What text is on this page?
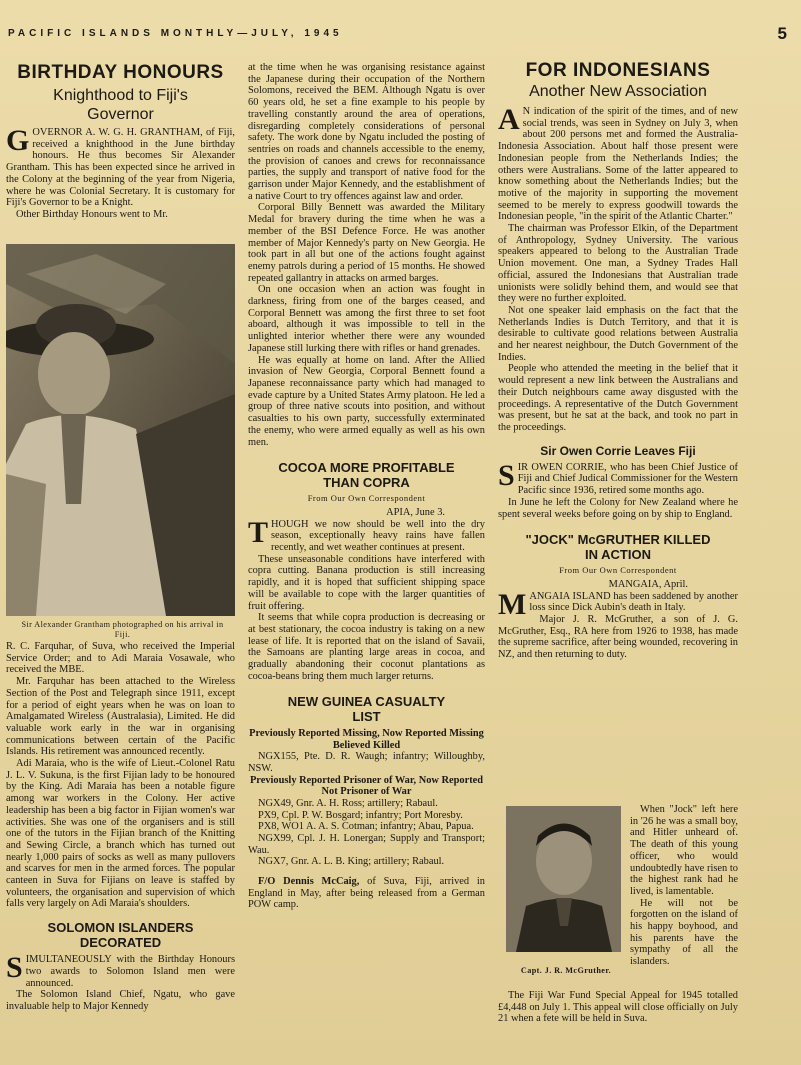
PACIFIC ISLANDS MONTHLY—JULY, 1945	5
BIRTHDAY HONOURS
Knighthood to Fiji's
Governor

GOVERNOR A. W. G. H. GRANTHAM, of Fiji, received a knighthood in the June birthday honours. He thus becomes Sir Alexander Grantham. This has been expected since he arrived in the Colony at the beginning of the year from Nigeria, where he was Colonial Secretary. It is customary for Fiji's Governor to be a Knight.

Other Birthday Honours went to Mr.

Sir Alexander Grantham photographed on his arrival in Fiji.

R. C. Farquhar, of Suva, who received the Imperial Service Order; and to Adi Maraia Vosawale, who received the MBE.

Mr. Farquhar has been attached to the Wireless Section of the Post and Telegraph since 1911, except for a period of eight years when he was on loan to Amalgamated Wireless (Australasia), Limited. He did valuable work early in the war in organising communications between certain of the Pacific Islands. His retirement was announced recently.

Adi Maraia, who is the wife of Lieut.-Colonel Ratu J. L. V. Sukuna, is the first Fijian lady to be honoured by the King. Adi Maraia has been a notable figure among war workers in the Colony. Her active leadership has been a big factor in Fijian women's war activities. She was one of the organisers and is still one of the tutors in the Fijian branch of the Knitting and Sewing Circle, a branch which has turned out nearly 1,000 pairs of socks as well as many pullovers and scarves for men in the armed forces. The popular canteen in Suva for Fijians on leave is staffed by volunteers, the organisation and supervision of which falls very largely on Adi Maraia's shoulders.

SOLOMON ISLANDERS DECORATED

SIMULTANEOUSLY with the Birthday Honours two awards to Solomon Island men were announced.

The Solomon Island Chief, Ngatu, who gave invaluable help to Major Kennedy

at the time when he was organising resistance against the Japanese during their occupation of the Northern Solomons, received the BEM. Although Ngatu is over 60 years old, he set a fine example to his people by travelling constantly around the area of operations, disregarding completely considerations of personal safety. The work done by Ngatu included the posting of sentries on roads and channels accessible to the enemy, the provision of canoes and crews for reconnaissance parties, the supply and transport of native food for the garrison under Major Kennedy, and the establishment of a native Court to try offences against law and order.

Corporal Billy Bennett was awarded the Military Medal for bravery during the time when he was a member of the BSI Defence Force. He was another member of Major Kennedy's party on New Georgia. He took part in all but one of the actions fought against enemy patrols during a period of 15 months. He showed repeated gallantry in attacks on armed barges.

On one occasion when an action was fought in darkness, firing from one of the barges ceased, and Corporal Bennett was among the first three to set foot aboard, although it was impossible to tell in the unlighted interior whether there were any wounded Japanese still lurking there with rifles or hand grenades.

He was equally at home on land. After the Allied invasion of New Georgia, Corporal Bennett found a Japanese reconnaissance party which had managed to evade capture by a United States Army platoon. He led a group of three native scouts into position, and without casualties to his own party, successfully exterminated the enemy, who were armed equally as well as his own men.

COCOA MORE PROFITABLE
THAN COPRA
From Our Own Correspondent
APIA, June 3.

THOUGH we now should be well into the dry season, exceptionally heavy rains have fallen recently, and wet weather continues at present.

These unseasonable conditions have interfered with copra cutting. Banana production is still increasing rapidly, and it is hoped that sufficient shipping space will be available to cope with the larger quantities of fruit offering.

It seems that while copra production is decreasing or at best stationary, the cocoa industry is taking on a new lease of life. It is reported that on the island of Savaii, the Samoans are planting large areas in cocoa, and gradually abandoning their coconut plantations as cocoa-beans bring them much larger returns.

NEW GUINEA CASUALTY
LIST
Previously Reported Missing, Now Reported Missing Believed Killed

NGX155, Pte. D. R. Waugh; infantry; Willoughby, NSW.

Previously Reported Prisoner of War, Now Reported Not Prisoner of War

NGX49, Gnr. A. H. Ross; artillery; Rabaul.

PX9, Cpl. P. W. Bosgard; infantry; Port Moresby.

PX8, WO1 A. A. S. Cotman; infantry; Abau, Papua.

NGX99, Cpl. J. H. Lonergan; Supply and Transport; Wau.

NGX7, Gnr. A. L. B. King; artillery; Rabaul.

F/O Dennis McCaig, of Suva, Fiji, arrived in England in May, after being released from a German POW camp.

FOR INDONESIANS
Another New Association

A N indication of the spirit of the times, and of new social trends, was seen in Sydney on July 3, when about 200 persons met and formed the Australia-Indonesia Association. About half those present were Indonesian people from the Netherlands Indies; the others were Australians. Some of the latter appeared to know something about the Netherlands Indies; but the motive of the majority in supporting the movement seemed to be merely to express goodwill towards the Indonesian people, "in the spirit of the Atlantic Charter."

The chairman was Professor Elkin, of the Department of Anthropology, Sydney University. The various speakers appeared to belong to the Australian Trade Union movement. One man, a Sydney Trades Hall official, assured the Indonesians that Australian trade unionists were solidly behind them, and would see that they were no further exploited.

Not one speaker laid emphasis on the fact that the Netherlands Indies is Dutch Territory, and that it is desirable to cultivate good relations between Australia and her nearest neighbour, the Dutch Government of the Indies.

People who attended the meeting in the belief that it would represent a new link between the Australians and their Dutch neighbours came away disgusted with the proceedings. A representative of the Dutch Government was present, but he sat at the back, and took no part in the proceedings.

Sir Owen Corrie Leaves Fiji

SIR OWEN CORRIE, who has been Chief Justice of Fiji and Chief Judical Commissioner for the Western Pacific since 1936, retired some months ago.

In June he left the Colony for New Zealand where he spent several weeks before going on by ship to England.

"JOCK" McGRUTHER KILLED
IN ACTION
From Our Own Correspondent
MANGAIA, April.

MANGAIA ISLAND has been saddened by another loss since Dick Aubin's death in Italy.

Major J. R. McGruther, a son of J. G. McGruther, Esq., RA here from 1926 to 1938, has made the supreme sacrifice, after being wounded, recovering in NZ, and then returning to duty.

Capt. J. R. McGruther.

When "Jock" left here in '26 he was a small boy, and Hitler unheard of. The death of this young officer, who would undoubtedly have risen to the highest rank had he lived, is lamentable.

He will not be forgotten on the island of his happy boyhood, and his parents have the sympathy of all the islanders.

The Fiji War Fund Special Appeal for 1945 totalled £4,448 on July 1. This appeal will close officially on July 21 when a fete will be held in Suva.
